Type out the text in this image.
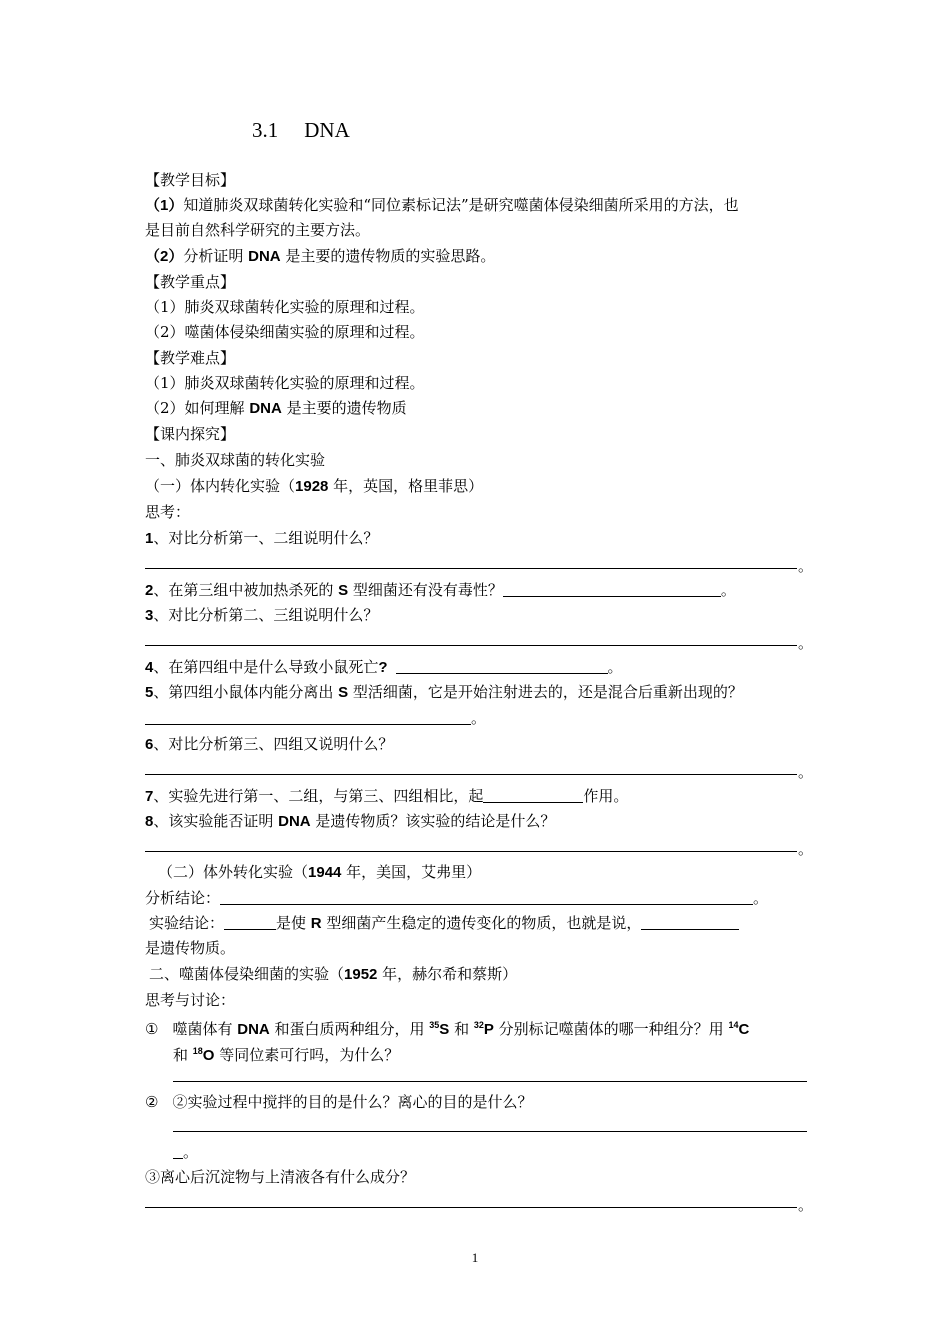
3.1 DNA
【教学目标】
（1）知道肺炎双球菌转化实验和“同位素标记法”是研究噬菌体侵染细菌所采用的方法，也
是目前自然科学研究的主要方法。
（2）分析证明 DNA 是主要的遗传物质的实验思路。
【教学重点】
（1）肺炎双球菌转化实验的原理和过程。
（2）噬菌体侵染细菌实验的原理和过程。
【教学难点】
（1）肺炎双球菌转化实验的原理和过程。
（2）如何理解 DNA 是主要的遗传物质
【课内探究】
一、肺炎双球菌的转化实验
（一）体内转化实验（1928 年，英国，格里菲思）
思考：
1、对比分析第一、二组说明什么？
。
2、在第三组中被加热杀死的 S 型细菌还有没有毒性？	。
3、对比分析第二、三组说明什么？
。
4、在第四组中是什么导致小鼠死亡?	。
5、第四组小鼠体内能分离出 S 型活细菌，它是开始注射进去的，还是混合后重新出现的？
。
6、对比分析第三、四组又说明什么？
。
7、实验先进行第一、二组，与第三、四组相比，起	作用。
8、该实验能否证明 DNA 是遗传物质？该实验的结论是什么？
。
（二）体外转化实验（1944 年，美国，艾弗里）
分析结论：	。
实验结论：	是使 R 型细菌产生稳定的遗传变化的物质，也就是说，
是遗传物质。
二、噬菌体侵染细菌的实验（1952 年，赫尔希和蔡斯）
思考与讨论：
① 噬菌体有 DNA 和蛋白质两种组分，用 $^{35}$S 和 $^{32}$P 分别标记噬菌体的哪一种组分？用 $^{14}$C
和 $^{18}$O 等同位素可行吗，为什么？
② ②实验过程中搅拌的目的是什么？离心的目的是什么？
。
③离心后沉淀物与上清液各有什么成分？
。
1
